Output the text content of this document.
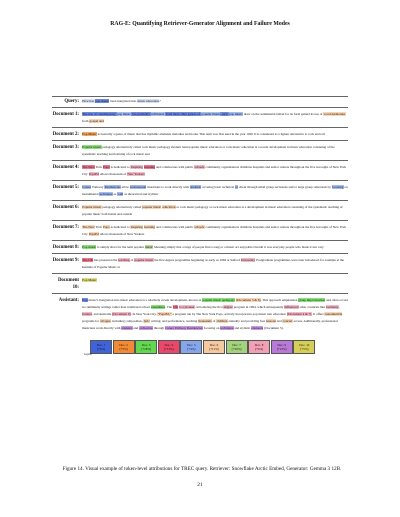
RAG-E: Quantifying Retriever-Generator Alignment and Failure Modes
Query: How has pop music been integrated into music education?
Document 1: The rise of contemporary pop music has gradually infiltrated from most other genres of popular music such pop music drew on the sentimental ballad for its form gained its use of vocal harmonies from gospel and
Document 2: Pop Music is basically a genre of music that has rhythmic elements melodies and hooks This term was first used in the year 1926 It is considered as a lighter alternative to rock and roll
Document 3: Popular music pedagogy alternatively called rock music pedagogy modern band popular music education or rock music education is a recent development in music education consisting of the systematic teaching and learning of rock music and
Document 4: The New York Pops is dedicated to Inspiring learning and collaborates with public schools community organizations childrens hospitals and senior centers throughout the five boroughs of New York City PopsEd allows thousands of New Yorkers
Document 5: Career Pathway Residencies allow professional musicians to work directly with students covering basic technical or client through small group sectionals and/or large group rehearsals by focusing on instrumental technique as well as theoretical and stylistic
Document 6: Popular music pedagogy alternatively called popular music education or rock music pedagogy or rock music education is a development in music education consisting of the systematic teaching of popular music both inside and outside
Document 7: The New York Pops is dedicated to Inspiring learning and collaborates with public schools community organizations childrens hospitals and senior centers throughout the five boroughs of New York City PopsEd allows thousands of New Yorkers
Document 8: Pop music is simply short for the term popular music Meaning simply that a large of people find a song or a music act enjoyable Overall it was everyday people who made it star very
Document 9: The UK has pioneered the teaching of popular music the first degree programme beginning as early as 1994 at Salford University Postgraduate programmes were later introduced for example at the Institute of Popular Music at
Document 10:
Pop Music
Assistant: Pop music's integration into music education is a relatively recent development, known as popular music pedagogy (Document 3 & 6). This approach emphasizes group improvisation and often occurs in community settings rather than traditional school ensembles. The UK is a pioneer, introducing the first degree program in 1994, which subsequently influenced other countries like Germany, Ireland, and Australia (Document 9). In New York City, "PopsEd," a program run by The New York Pops, actively incorporates pop music into education (Document 4 & 7). It offers customizable programs for all ages, including composition, lyric writing, and performance, reaching thousands of children annually and providing free lessons and concert access. Additionally, professional musicians work directly with students and orchestras through Career Pathway Residencies focusing on technique and stylistic elements (Document 5).
Doc. 1
(+6%)
Doc. 2
(+5%)
Doc. 3
(+18%)
Doc. 4
(+13%)
Doc. 5
(+4%)
Doc. 6
(+11%)
Doc. 7
(+20%)
Doc. 8
(+4%)
Doc. 9
(+13%)
Doc. 10
(+5%)
Legend
Figure 14. Visual example of token-level attributions for TREC query. Retriever: Snowflake Arctic Embed, Generator: Gemma 3 12B.
21
